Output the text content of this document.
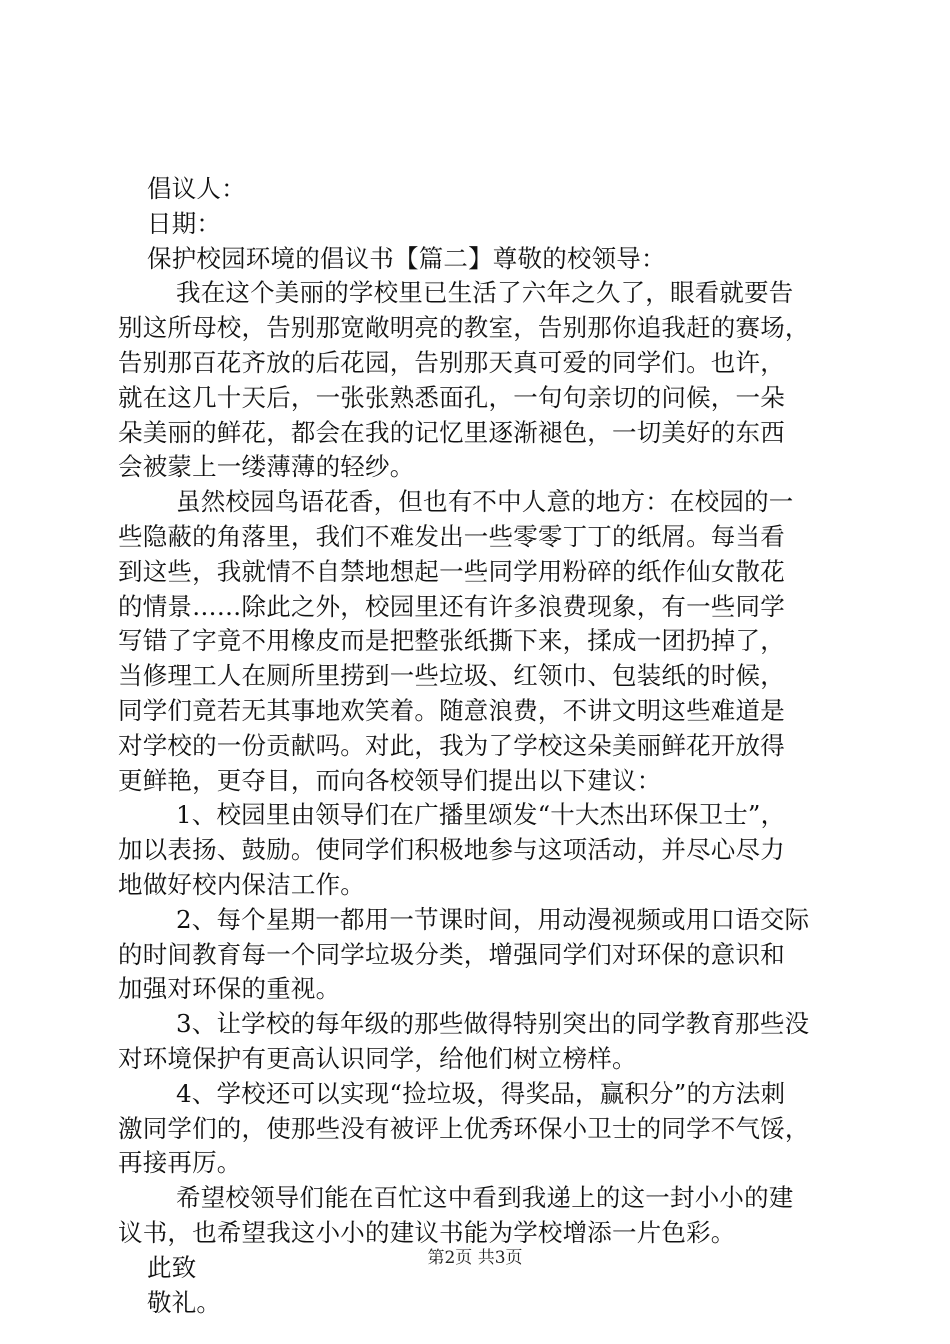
倡议人：
日期：
保护校园环境的倡议书【篇二】尊敬的校领导：
我在这个美丽的学校里已生活了六年之久了，眼看就要告
别这所母校，告别那宽敞明亮的教室，告别那你追我赶的赛场，
告别那百花齐放的后花园，告别那天真可爱的同学们。也许，
就在这几十天后，一张张熟悉面孔，一句句亲切的问候，一朵
朵美丽的鲜花，都会在我的记忆里逐渐褪色，一切美好的东西
会被蒙上一缕薄薄的轻纱。
虽然校园鸟语花香，但也有不中人意的地方：在校园的一
些隐蔽的角落里，我们不难发出一些零零丁丁的纸屑。每当看
到这些，我就情不自禁地想起一些同学用粉碎的纸作仙女散花
的情景……除此之外，校园里还有许多浪费现象，有一些同学
写错了字竟不用橡皮而是把整张纸撕下来，揉成一团扔掉了，
当修理工人在厕所里捞到一些垃圾、红领巾、包装纸的时候，
同学们竟若无其事地欢笑着。随意浪费，不讲文明这些难道是
对学校的一份贡献吗。对此，我为了学校这朵美丽鲜花开放得
更鲜艳，更夺目，而向各校领导们提出以下建议：
1、校园里由领导们在广播里颂发“十大杰出环保卫士”，
加以表扬、鼓励。使同学们积极地参与这项活动，并尽心尽力
地做好校内保洁工作。
2、每个星期一都用一节课时间，用动漫视频或用口语交际
的时间教育每一个同学垃圾分类，增强同学们对环保的意识和
加强对环保的重视。
3、让学校的每年级的那些做得特别突出的同学教育那些没
对环境保护有更高认识同学，给他们树立榜样。
4、学校还可以实现“捡垃圾，得奖品，赢积分”的方法刺
激同学们的，使那些没有被评上优秀环保小卫士的同学不气馁，
再接再厉。
希望校领导们能在百忙这中看到我递上的这一封小小的建
议书，也希望我这小小的建议书能为学校增添一片色彩。
此致
敬礼。
第2页 共3页
